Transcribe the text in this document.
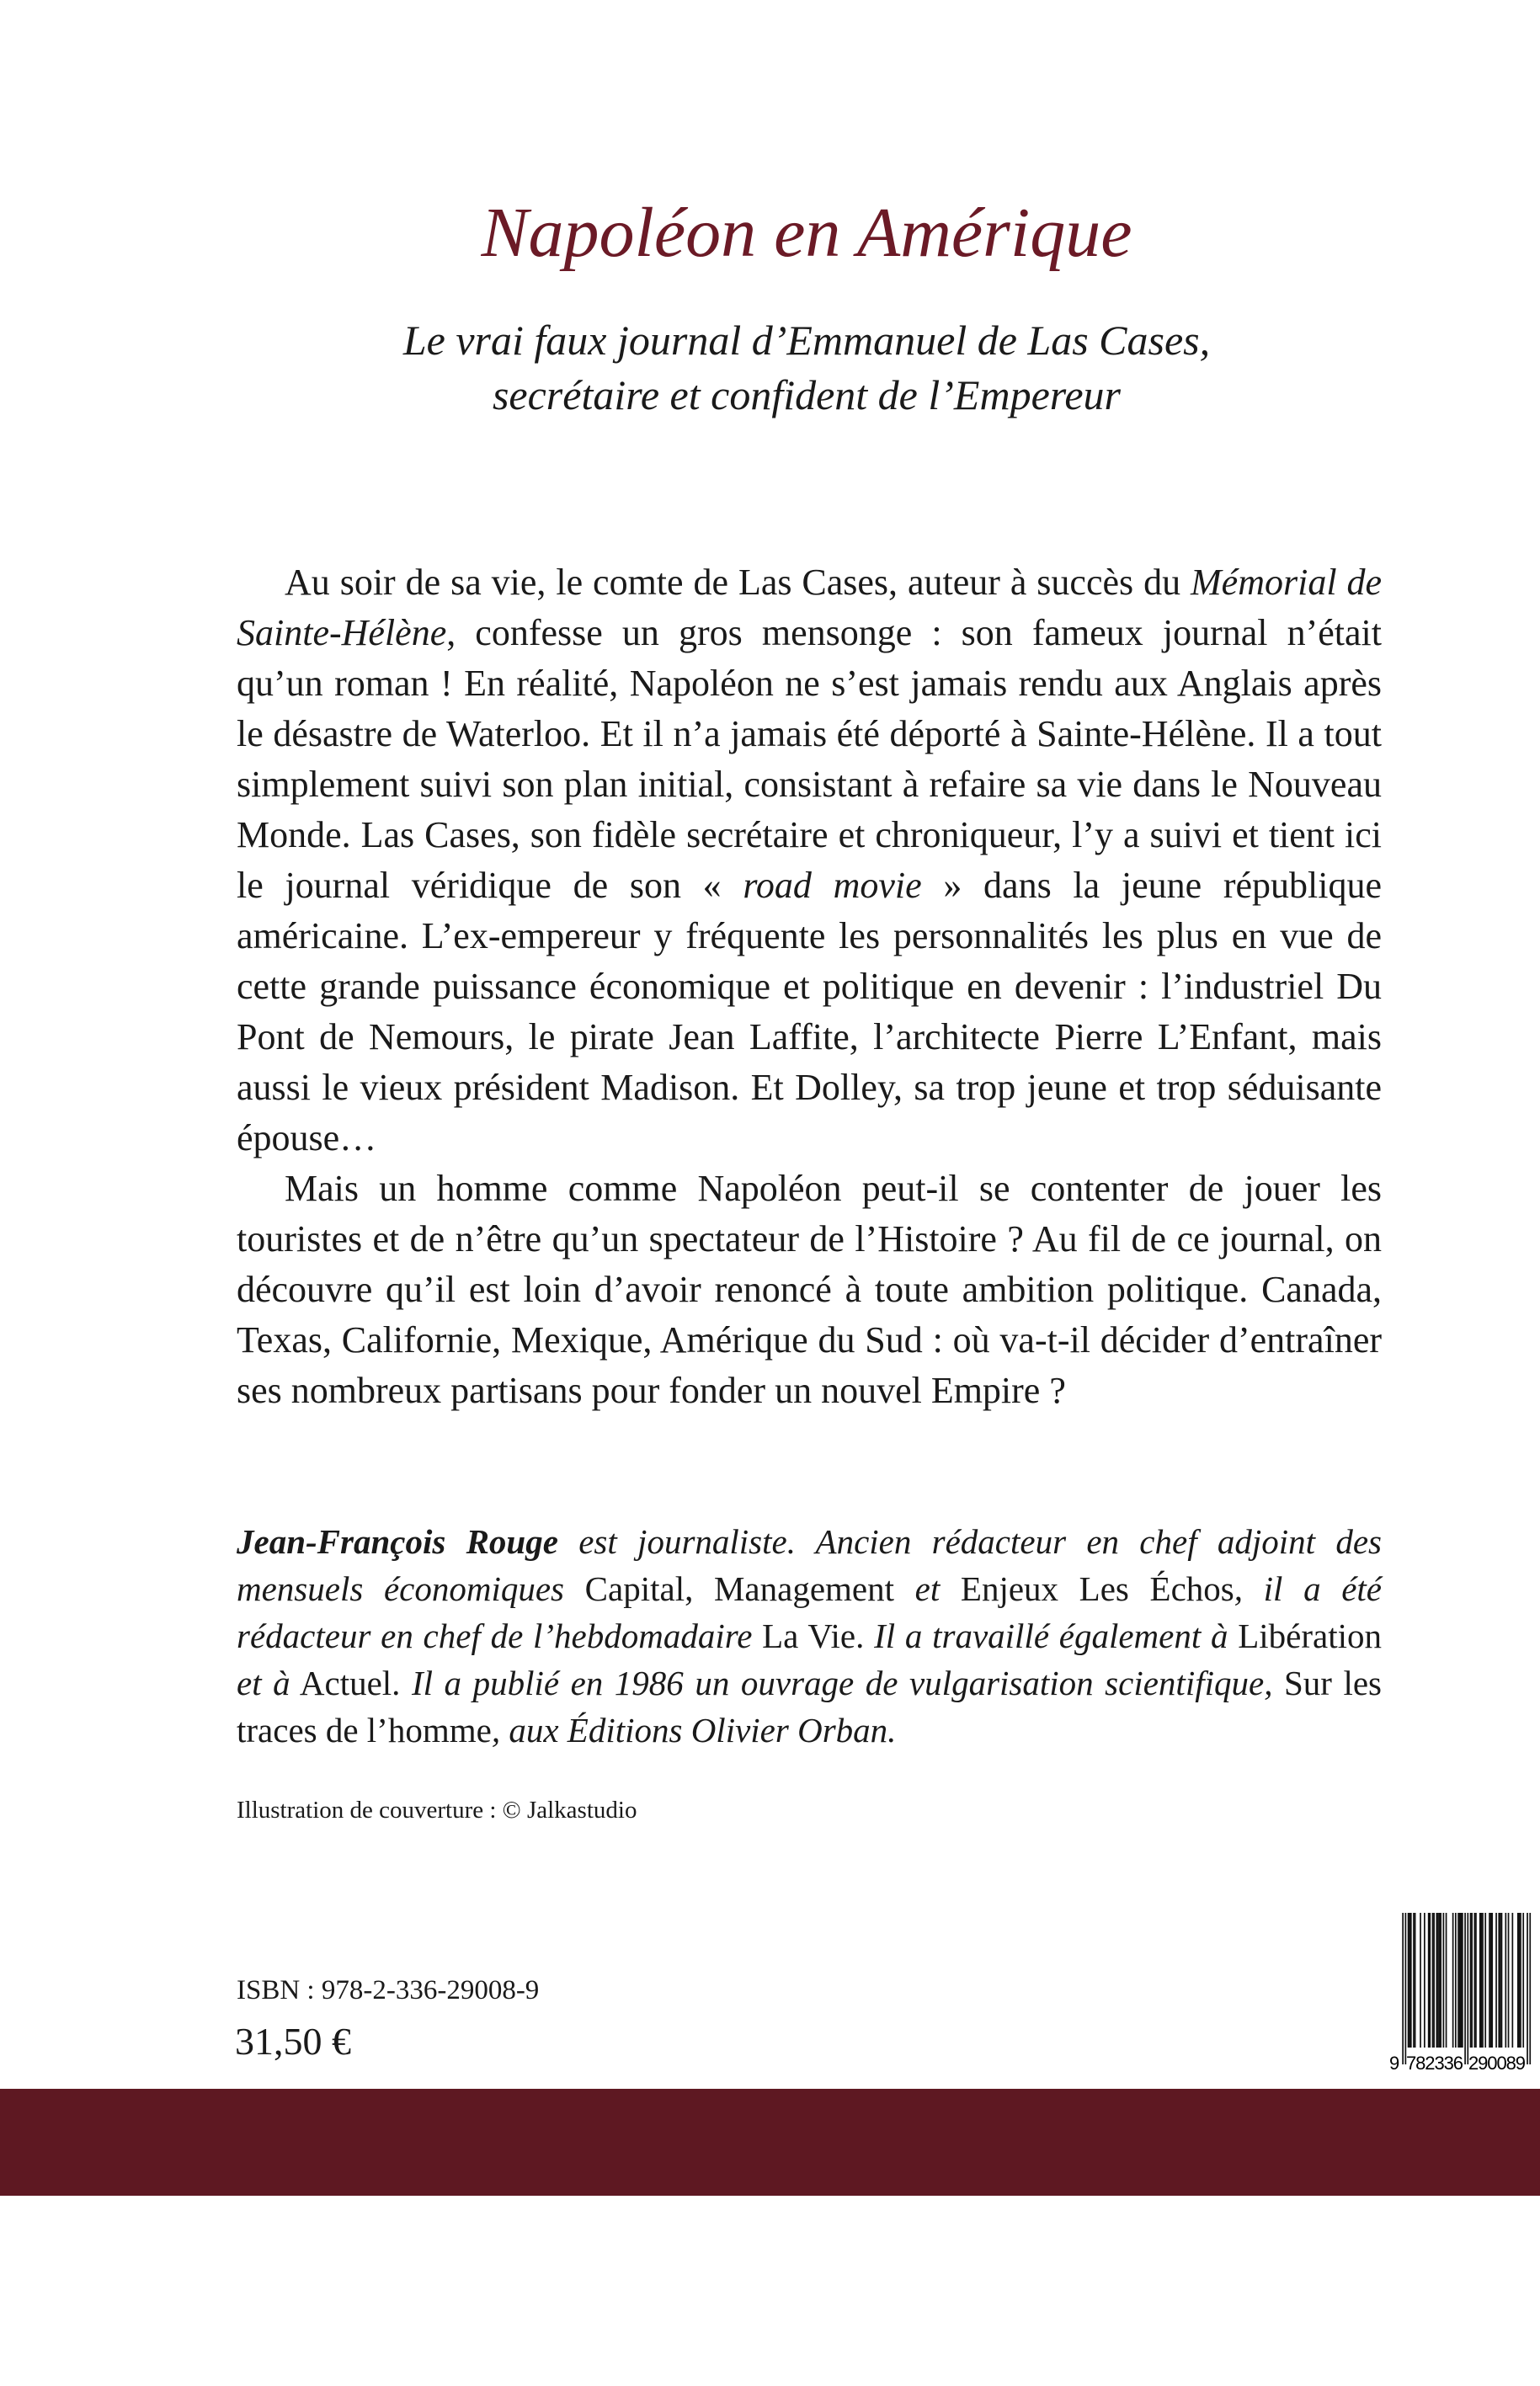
Napoléon en Amérique
Le vrai faux journal d’Emmanuel de Las Cases,
secrétaire et confident de l’Empereur

Au soir de sa vie, le comte de Las Cases, auteur à succès du Mémorial de Sainte-Hélène, confesse un gros mensonge : son fameux journal n’était qu’un roman ! En réalité, Napoléon ne s’est jamais rendu aux Anglais après le désastre de Waterloo. Et il n’a jamais été déporté à Sainte-Hélène. Il a tout simplement suivi son plan initial, consistant à refaire sa vie dans le Nouveau Monde. Las Cases, son fidèle secrétaire et chroniqueur, l’y a suivi et tient ici le journal véridique de son « road movie » dans la jeune république américaine. L’ex-empereur y fréquente les personnalités les plus en vue de cette grande puissance économique et politique en devenir : l’industriel Du Pont de Nemours, le pirate Jean Laffite, l’architecte Pierre L’Enfant, mais aussi le vieux président Madison. Et Dolley, sa trop jeune et trop séduisante épouse…

Mais un homme comme Napoléon peut-il se contenter de jouer les touristes et de n’être qu’un spectateur de l’Histoire ? Au fil de ce journal, on découvre qu’il est loin d’avoir renoncé à toute ambition politique. Canada, Texas, Californie, Mexique, Amérique du Sud : où va-t-il décider d’entraîner ses nombreux partisans pour fonder un nouvel Empire ?

Jean-François Rouge est journaliste. Ancien rédacteur en chef adjoint des mensuels économiques Capital, Management et Enjeux Les Échos, il a été rédacteur en chef de l’hebdomadaire La Vie. Il a travaillé également à Libération et à Actuel. Il a publié en 1986 un ouvrage de vulgarisation scientifique, Sur les traces de l’homme, aux Éditions Olivier Orban.
Illustration de couverture : © Jalkastudio
ISBN : 978-2-336-29008-9
31,50 €
9 782336 290089
